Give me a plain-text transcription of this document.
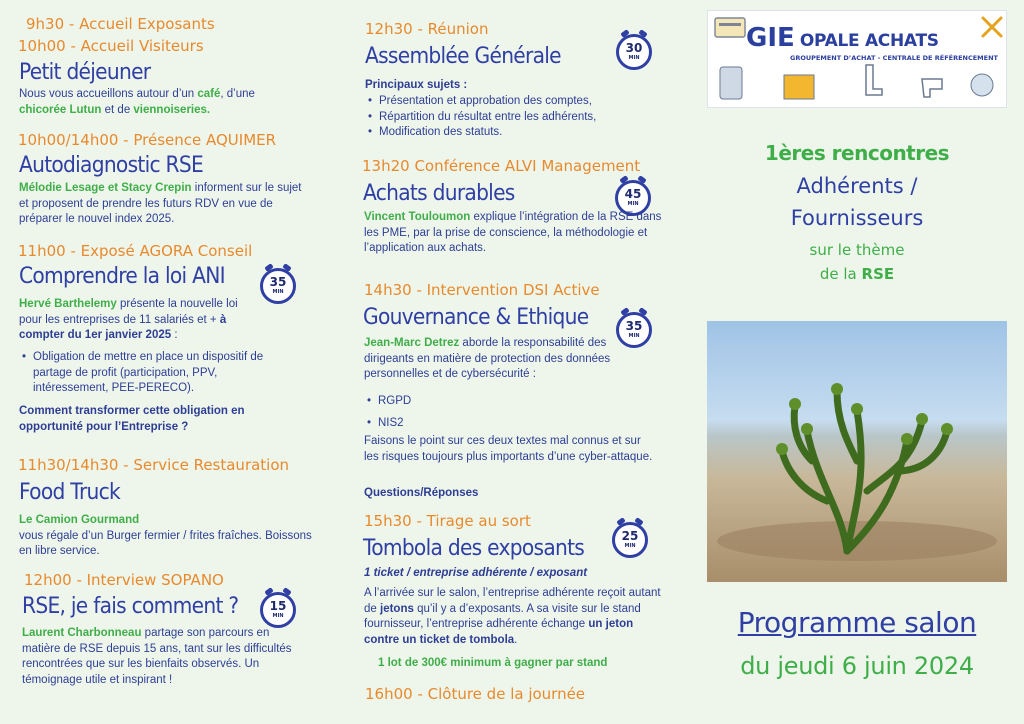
9h30 - Accueil Exposants
10h00 - Accueil Visiteurs
Petit déjeuner
Nous vous accueillons autour d’un café, d’une
chicorée Lutun et de viennoiseries.
10h00/14h00 - Présence AQUIMER
Autodiagnostic RSE
Mélodie Lesage et Stacy Crepin informent sur le sujet et proposent de prendre les futurs RDV en vue de préparer le nouvel index 2025.
11h00 - Exposé AGORA Conseil
Comprendre la loi ANI	35
MIN
Hervé Barthelemy présente la nouvelle loi pour les entreprises de 11 salariés et + à compter du 1er janvier 2025 :
• Obligation de mettre en place un dispositif de partage de profit (participation, PPV, intéressement, PEE-PERECO).
Comment transformer cette obligation en opportunité pour l’Entreprise ?
11h30/14h30 - Service Restauration
Food Truck
Le Camion Gourmand
vous régale d’un Burger fermier / frites fraîches. Boissons en libre service.
12h00 - Interview SOPANO
RSE, je fais comment ?	15
MIN
Laurent Charbonneau partage son parcours en matière de RSE depuis 15 ans, tant sur les difficultés rencontrées que sur les bienfaits observés. Un témoignage utile et inspirant !
12h30 - Réunion
Assemblée Générale	30
MIN
Principaux sujets :
• Présentation et approbation des comptes,
• Répartition du résultat entre les adhérents,
• Modification des statuts.
13h20 Conférence ALVI Management
Achats durables	45
MIN
Vincent Touloumon explique l’intégration de la RSE dans les PME, par la prise de conscience, la méthodologie et l’application aux achats.
14h30 - Intervention DSI Active
Gouvernance & Ethique	35
MIN
Jean-Marc Detrez aborde la responsabilité des dirigeants en matière de protection des données personnelles et de cybersécurité :
• RGPD
• NIS2
Faisons le point sur ces deux textes mal connus et sur les risques toujours plus importants d’une cyber-attaque.
Questions/Réponses
15h30 - Tirage au sort
Tombola des exposants	25
MIN
1 ticket / entreprise adhérente / exposant
A l’arrivée sur le salon, l’entreprise adhérente reçoit autant de jetons qu’il y a d’exposants. A sa visite sur le stand fournisseur, l’entreprise adhérente échange un jeton contre un ticket de tombola.
1 lot de 300€ minimum à gagner par stand
16h00 - Clôture de la journée
GIE OPALE ACHATS
GROUPEMENT D’ACHAT - CENTRALE DE RÉFÉRENCEMENT
1ères rencontres
Adhérents /
Fournisseurs
sur le thème
de la RSE
Programme salon
du jeudi 6 juin 2024
